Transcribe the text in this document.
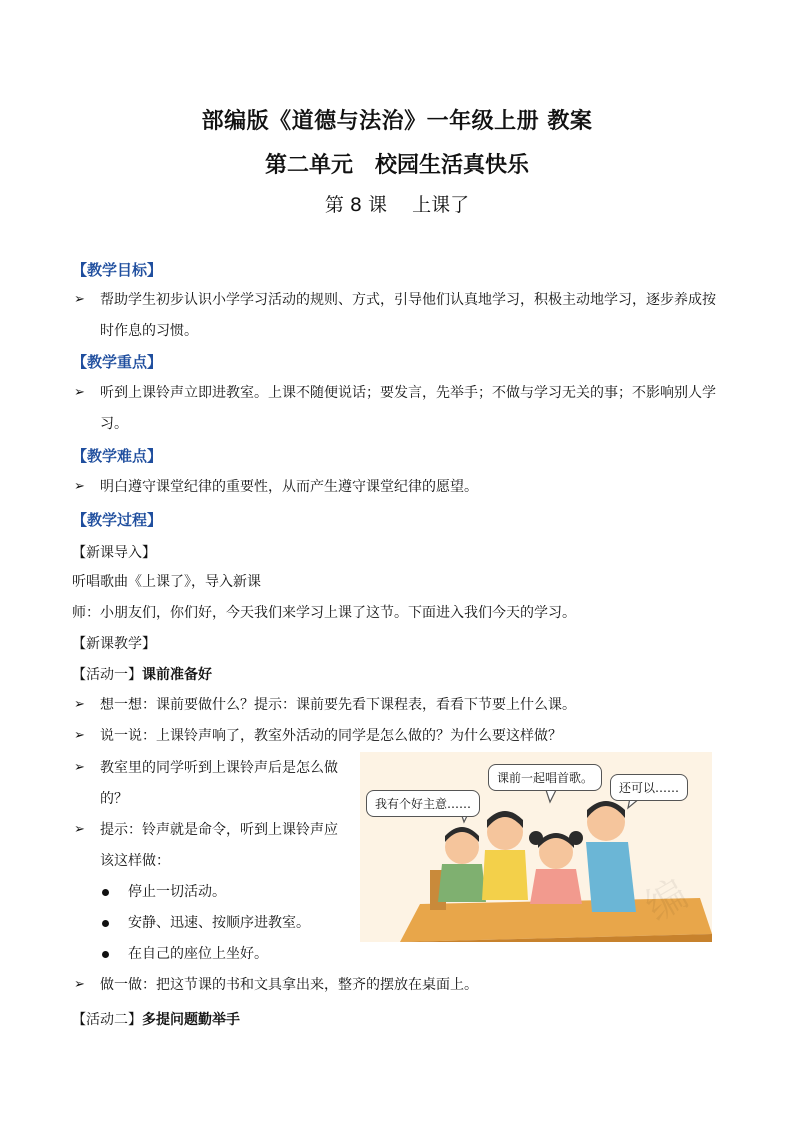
部编版《道德与法治》一年级上册 教案
第二单元　校园生活真快乐
第 8 课　 上课了
【教学目标】
➢ 帮助学生初步认识小学学习活动的规则、方式，引导他们认真地学习，积极主动地学习，逐步养成按
时作息的习惯。
【教学重点】
➢ 听到上课铃声立即进教室。上课不随便说话；要发言，先举手；不做与学习无关的事；不影响别人学
习。
【教学难点】
➢ 明白遵守课堂纪律的重要性，从而产生遵守课堂纪律的愿望。
【教学过程】
【新课导入】
听唱歌曲《上课了》，导入新课
师：小朋友们，你们好，今天我们来学习上课了这节。下面进入我们今天的学习。
【新课教学】
【活动一】课前准备好
➢ 想一想：课前要做什么？提示：课前要先看下课程表，看看下节要上什么课。
➢ 说一说：上课铃声响了，教室外活动的同学是怎么做的？为什么要这样做？
➢ 教室里的同学听到上课铃声后是怎么做
的？
➢ 提示：铃声就是命令，听到上课铃声应
该这样做：
停止一切活动。
安静、迅速、按顺序进教室。
在自己的座位上坐好。
➢ 做一做：把这节课的书和文具拿出来，整齐的摆放在桌面上。
【活动二】多提问题勤举手
编
我有个好主意……
课前一起唱首歌。
还可以……
